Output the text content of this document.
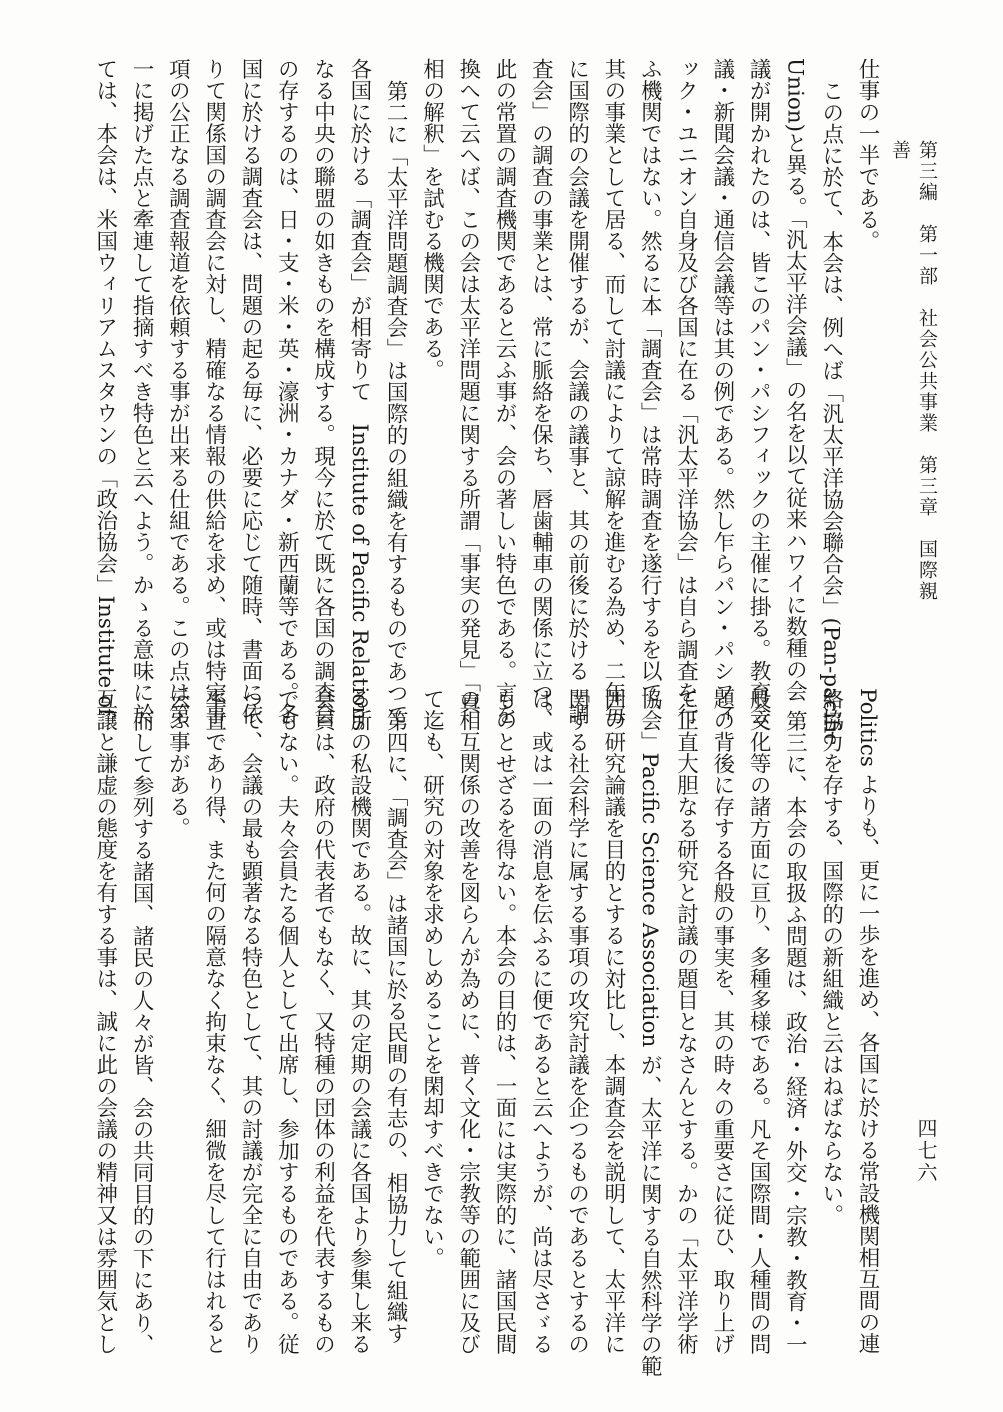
第三編　第一部　社会公共事業　第三章　国際親善
四七六
仕事の一半である。
この点に於て、本会は、例へば「汎太平洋協会聯合会」(Pan-pacific
Union)と異る。「汎太平洋会議」の名を以て従来ハワイに数種の会
議が開かれたのは、皆このパン・パシフィックの主催に掛る。教育会
議・新聞会議・通信会議等は其の例である。然し乍らパン・パシフィ
ック・ユニオン自身及び各国に在る「汎太平洋協会」は自ら調査を行
ふ機関ではない。然るに本「調査会」は常時調査を遂行するを以て、
其の事業として居る、而して討議によりて諒解を進むる為め、二年毎
に国際的の会議を開催するが、会議の議事と、其の前後に於ける「調
査会」の調査の事業とは、常に脈絡を保ち、唇歯輔車の関係に立つ。
此の常置の調査機関であると云ふ事が、会の著しい特色である。言を
換へて云へば、この会は太平洋問題に関する所謂「事実の発見」「真
相の解釈」を試むる機関である。
第二に「太平洋問題調査会」は国際的の組織を有するものであつて
各国に於ける「調査会」が相寄りて　Institute of Pacific Relations
なる中央の聯盟の如きものを構成する。現今に於て既に各国の調査会
の存するのは、日・支・米・英・濠洲・カナダ・新西蘭等である。各
国に於ける調査会は、問題の起る毎に、必要に応じて随時、書面に依
りて関係国の調査会に対し、精確なる情報の供給を求め、或は特定事
項の公正なる調査報道を依頼する事が出来る仕組である。この点は第
一に掲げた点と牽連して指摘すべき特色と云へよう。かゝる意味に於
ては、本会は、米国ウィリアムスタウンの「政治協会」Institute of
Politics よりも、更に一歩を進め、各国に於ける常設機関相互間の連
絡協力を存する、国際的の新組織と云はねばならない。
第三に、本会の取扱ふ問題は、政治・経済・外交・宗教・教育・一
般文化等の諸方面に亘り、多種多様である。凡そ国際間・人種間の問
題の背後に存する各般の事実を、其の時々の重要さに従ひ、取り上げ
て正直大胆なる研究と討議の題目となさんとする。かの「太平洋学術
協会」Pacific Science Association が、太平洋に関する自然科学の範
囲の研究論議を目的とするに対比し、本調査会を説明して、太平洋に
関する社会科学に属する事項の攻究討議を企つるものであるとするの
は、或は一面の消息を伝ふるに便であると云へようが、尚は尽さゞる
ものとせざるを得ない。本会の目的は、一面には実際的に、諸国民間
の相互関係の改善を図らんが為めに、普く文化・宗教等の範囲に及び
て迄も、研究の対象を求めしめることを閑却すべきでない。
第四に、「調査会」は諸国に於る民間の有志の、相協力して組織す
る所の私設機関である。故に、其の定期の会議に各国より参集し来る
会員は、政府の代表者でもなく、又特種の団体の利益を代表するもの
でもない。夫々会員たる個人として出席し、参加するものである。従
つて、会議の最も顕著なる特色として、其の討議が完全に自由であり
率直であり得、また何の隔意なく拘束なく、細微を尽して行はれると
云ふ事がある。
而して参列する諸国、諸民の人々が皆、会の共同目的の下にあり、
互譲と謙虚の態度を有する事は、誠に此の会議の精神又は雰囲気とし
